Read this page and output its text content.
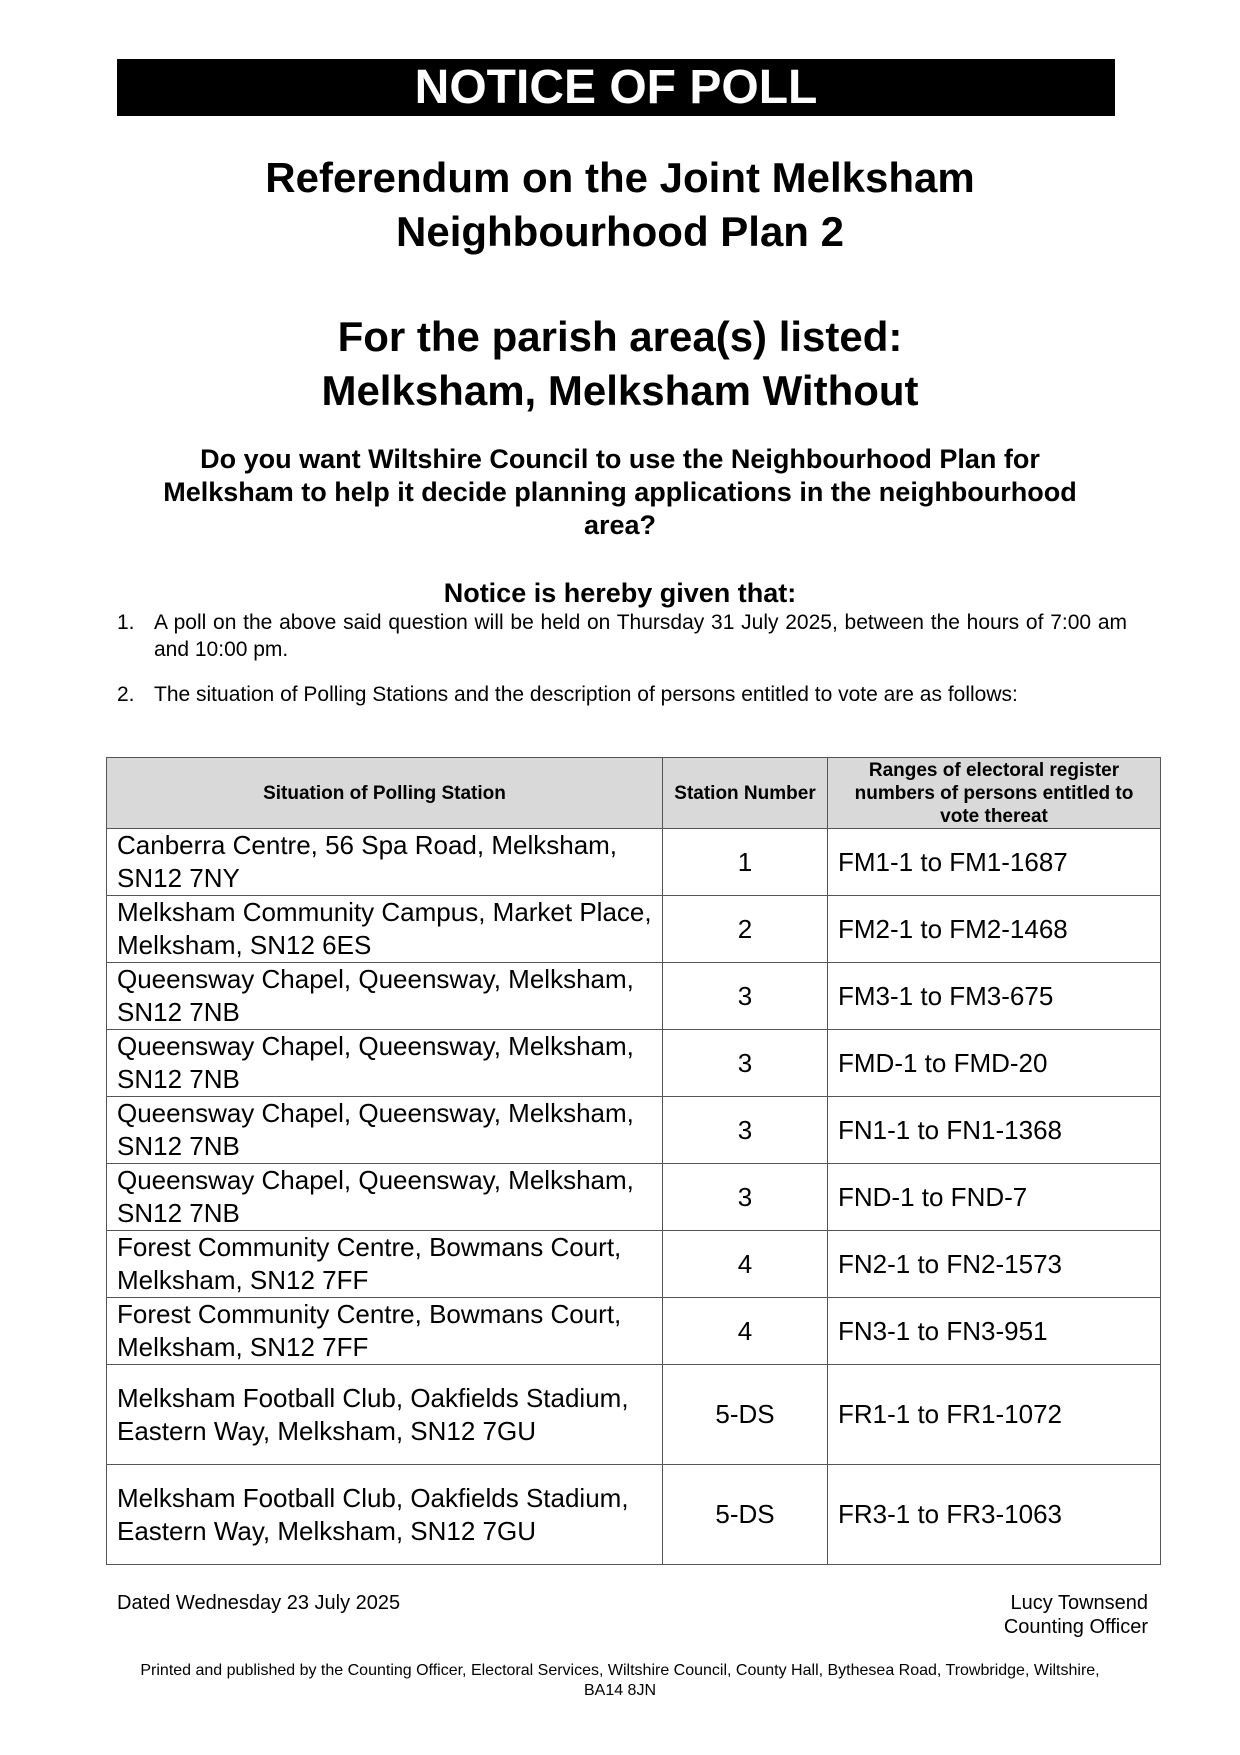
NOTICE OF POLL
Referendum on the Joint Melksham
Neighbourhood Plan 2
For the parish area(s) listed:
Melksham, Melksham Without

Do you want Wiltshire Council to use the Neighbourhood Plan for
Melksham to help it decide planning applications in the neighbourhood
area?

Notice is hereby given that:

1. A poll on the above said question will be held on Thursday 31 July 2025, between the hours of 7:00 am and 10:00 pm.
2. The situation of Polling Stations and the description of persons entitled to vote are as follows:
Situation of Polling Station	Station Number	Ranges of electoral register numbers of persons entitled to vote thereat
Canberra Centre, 56 Spa Road, Melksham, SN12 7NY	1	FM1-1 to FM1-1687
Melksham Community Campus, Market Place, Melksham, SN12 6ES	2	FM2-1 to FM2-1468
Queensway Chapel, Queensway, Melksham, SN12 7NB	3	FM3-1 to FM3-675
Queensway Chapel, Queensway, Melksham, SN12 7NB	3	FMD-1 to FMD-20
Queensway Chapel, Queensway, Melksham, SN12 7NB	3	FN1-1 to FN1-1368
Queensway Chapel, Queensway, Melksham, SN12 7NB	3	FND-1 to FND-7
Forest Community Centre, Bowmans Court, Melksham, SN12 7FF	4	FN2-1 to FN2-1573
Forest Community Centre, Bowmans Court, Melksham, SN12 7FF	4	FN3-1 to FN3-951
Melksham Football Club, Oakfields Stadium, Eastern Way, Melksham, SN12 7GU	5-DS	FR1-1 to FR1-1072
Melksham Football Club, Oakfields Stadium, Eastern Way, Melksham, SN12 7GU	5-DS	FR3-1 to FR3-1063
Dated Wednesday 23 July 2025	Lucy Townsend
Counting Officer
Printed and published by the Counting Officer, Electoral Services, Wiltshire Council, County Hall, Bythesea Road, Trowbridge, Wiltshire,
BA14 8JN
